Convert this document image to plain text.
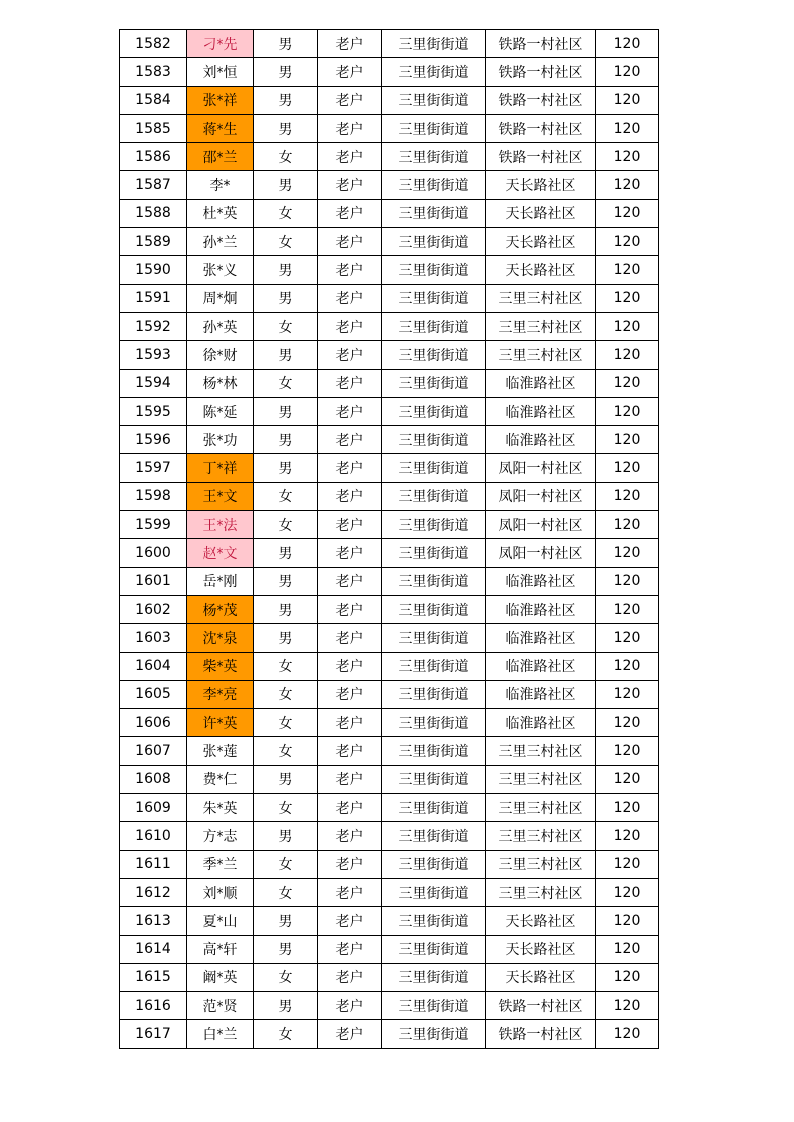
1582	刁*先	男	老户	三里街街道	铁路一村社区	120
1583	刘*恒	男	老户	三里街街道	铁路一村社区	120
1584	张*祥	男	老户	三里街街道	铁路一村社区	120
1585	蒋*生	男	老户	三里街街道	铁路一村社区	120
1586	邵*兰	女	老户	三里街街道	铁路一村社区	120
1587	李*	男	老户	三里街街道	天长路社区	120
1588	杜*英	女	老户	三里街街道	天长路社区	120
1589	孙*兰	女	老户	三里街街道	天长路社区	120
1590	张*义	男	老户	三里街街道	天长路社区	120
1591	周*炯	男	老户	三里街街道	三里三村社区	120
1592	孙*英	女	老户	三里街街道	三里三村社区	120
1593	徐*财	男	老户	三里街街道	三里三村社区	120
1594	杨*林	女	老户	三里街街道	临淮路社区	120
1595	陈*延	男	老户	三里街街道	临淮路社区	120
1596	张*功	男	老户	三里街街道	临淮路社区	120
1597	丁*祥	男	老户	三里街街道	凤阳一村社区	120
1598	王*文	女	老户	三里街街道	凤阳一村社区	120
1599	王*法	女	老户	三里街街道	凤阳一村社区	120
1600	赵*文	男	老户	三里街街道	凤阳一村社区	120
1601	岳*刚	男	老户	三里街街道	临淮路社区	120
1602	杨*茂	男	老户	三里街街道	临淮路社区	120
1603	沈*泉	男	老户	三里街街道	临淮路社区	120
1604	柴*英	女	老户	三里街街道	临淮路社区	120
1605	李*亮	女	老户	三里街街道	临淮路社区	120
1606	许*英	女	老户	三里街街道	临淮路社区	120
1607	张*莲	女	老户	三里街街道	三里三村社区	120
1608	费*仁	男	老户	三里街街道	三里三村社区	120
1609	朱*英	女	老户	三里街街道	三里三村社区	120
1610	方*志	男	老户	三里街街道	三里三村社区	120
1611	季*兰	女	老户	三里街街道	三里三村社区	120
1612	刘*顺	女	老户	三里街街道	三里三村社区	120
1613	夏*山	男	老户	三里街街道	天长路社区	120
1614	高*轩	男	老户	三里街街道	天长路社区	120
1615	阚*英	女	老户	三里街街道	天长路社区	120
1616	范*贤	男	老户	三里街街道	铁路一村社区	120
1617	白*兰	女	老户	三里街街道	铁路一村社区	120
